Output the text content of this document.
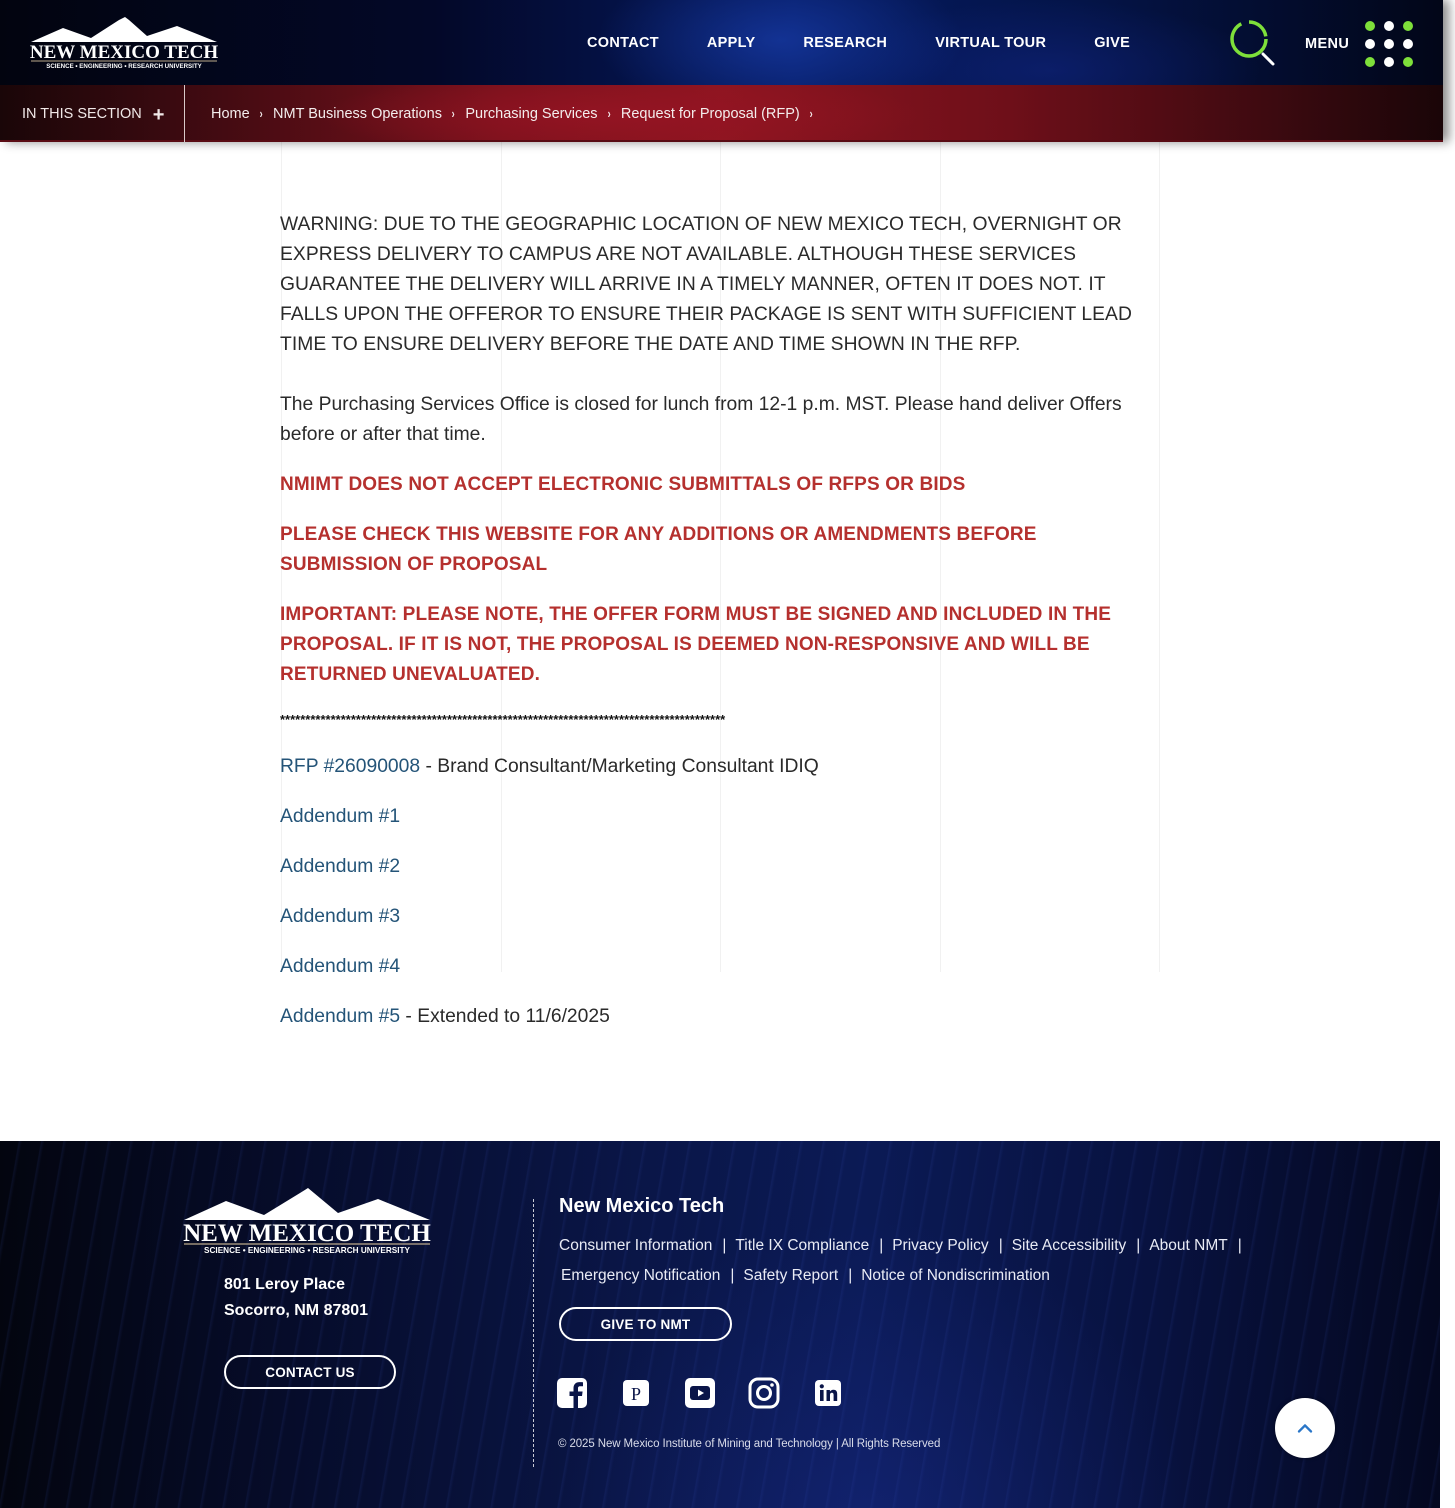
NEW MEXICO TECH
SCIENCE • ENGINEERING • RESEARCH UNIVERSITY
CONTACT	APPLY	RESEARCH	VIRTUAL TOUR	GIVE	MENU
IN THIS SECTION +	Home › NMT Business Operations › Purchasing Services › Request for Proposal (RFP) ›

WARNING: DUE TO THE GEOGRAPHIC LOCATION OF NEW MEXICO TECH, OVERNIGHT OR EXPRESS DELIVERY TO CAMPUS ARE NOT AVAILABLE. ALTHOUGH THESE SERVICES GUARANTEE THE DELIVERY WILL ARRIVE IN A TIMELY MANNER, OFTEN IT DOES NOT. IT FALLS UPON THE OFFEROR TO ENSURE THEIR PACKAGE IS SENT WITH SUFFICIENT LEAD TIME TO ENSURE DELIVERY BEFORE THE DATE AND TIME SHOWN IN THE RFP.

The Purchasing Services Office is closed for lunch from 12-1 p.m. MST. Please hand deliver Offers before or after that time.

NMIMT DOES NOT ACCEPT ELECTRONIC SUBMITTALS OF RFPS OR BIDS

PLEASE CHECK THIS WEBSITE FOR ANY ADDITIONS OR AMENDMENTS BEFORE SUBMISSION OF PROPOSAL

IMPORTANT: PLEASE NOTE, THE OFFER FORM MUST BE SIGNED AND INCLUDED IN THE PROPOSAL. IF IT IS NOT, THE PROPOSAL IS DEEMED NON-RESPONSIVE AND WILL BE RETURNED UNEVALUATED.

****************************************************************************************

RFP #26090008 - Brand Consultant/Marketing Consultant IDIQ

Addendum #1

Addendum #2

Addendum #3

Addendum #4

Addendum #5 - Extended to 11/6/2025

NEW MEXICO TECH
SCIENCE • ENGINEERING • RESEARCH UNIVERSITY
801 Leroy Place
Socorro, NM 87801
CONTACT US
New Mexico Tech
Consumer Information | Title IX Compliance | Privacy Policy | Site Accessibility | About NMT |
Emergency Notification | Safety Report | Notice of Nondiscrimination
GIVE TO NMT
P
© 2025 New Mexico Institute of Mining and Technology | All Rights Reserved
